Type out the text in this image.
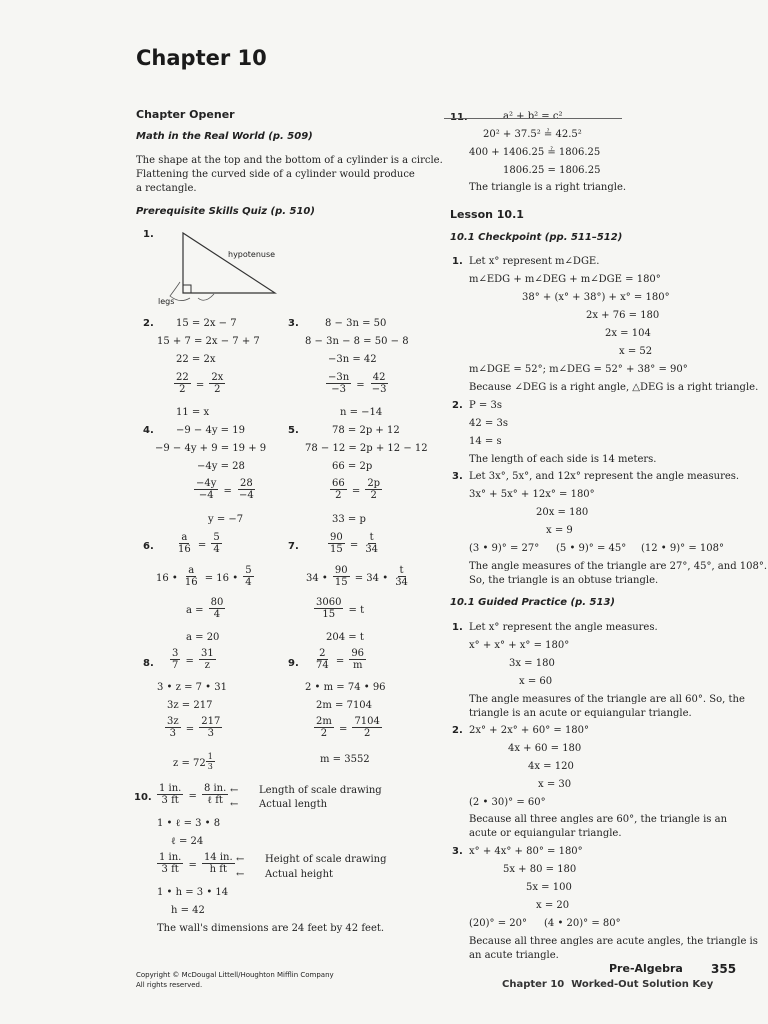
Chapter 10
Chapter Opener
Math in the Real World (p. 509)
The shape at the top and the bottom of a cylinder is a circle.
Flattening the curved side of a cylinder would produce
a rectangle.
Prerequisite Skills Quiz (p. 510)
1.
hypotenuse
legs
2. 15 = 2x − 7
15 + 7 = 2x − 7 + 7
22 = 2x
$\frac{22}{2} = \frac{2x}{2}$
11 = x
3.	8 − 3n = 50
8 − 3n − 8 = 50 − 8
−3n = 42
$\frac{-3n}{-3} = \frac{42}{-3}$
n = −14
4. −9 − 4y = 19
−9 − 4y + 9 = 19 + 9
−4y = 28
$\frac{-4y}{-4} = \frac{28}{-4}$
y = −7
5.	78 = 2p + 12
78 − 12 = 2p + 12 − 12
66 = 2p
$\frac{66}{2} = \frac{2p}{2}$
33 = p
6. $\frac{a}{16} = \frac{5}{4}$
16 • $\frac{a}{16} = 16$ • $\frac{5}{4}$
$a = \frac{80}{4}$
a = 20
7.	$\frac{90}{15} = \frac{t}{34}$
34 • $\frac{90}{15} = 34$ • $\frac{t}{34}$
$\frac{3060}{15} = t$
204 = t
8. $\frac{3}{7} = \frac{31}{z}$
3 • z = 7 • 31
3z = 217
$\frac{3z}{3} = \frac{217}{3}$
$z = 72 \frac{1}{3}$
9. $\frac{2}{74} = \frac{96}{m}$
2 • m = 74 • 96
2m = 7104
$\frac{2m}{2} = \frac{7104}{2}$
m = 3552
10. $\frac{1 in.}{3 ft} = \frac{8 in.}{\text{ℓ ft}}$ ← Length of scale drawing
← Actual length
1 • ℓ = 3 • 8
ℓ = 24
$\frac{1 in.}{3 ft} = \frac{14 in.}{\text{h ft}}$ ← Height of scale drawing
← Actual height
1 • h = 3 • 14
h = 42
The wall's dimensions are 24 feet by 42 feet.
11.	a² + b² = c²
20² + 37.5² ≟ 42.5²
400 + 1406.25 ≟ 1806.25
1806.25 = 1806.25
The triangle is a right triangle.
Lesson 10.1
10.1 Checkpoint (pp. 511–512)
1. Let x° represent m∠DGE.
m∠EDG + m∠DEG + m∠DGE = 180°
38° + (x° + 38°) + x° = 180°
2x + 76 = 180
2x = 104
x = 52
m∠DGE = 52°; m∠DEG = 52° + 38° = 90°
Because ∠DEG is a right angle, △DEG is a right triangle.
2. P = 3s
42 = 3s
14 = s
The length of each side is 14 meters.
3. Let 3x°, 5x°, and 12x° represent the angle measures.
3x° + 5x° + 12x° = 180°
20x = 180
x = 9
(3 • 9)° = 27° (5 • 9)° = 45° (12 • 9)° = 108°
The angle measures of the triangle are 27°, 45°, and 108°.
So, the triangle is an obtuse triangle.
10.1 Guided Practice (p. 513)
1. Let x° represent the angle measures.
x° + x° + x° = 180°
3x = 180
x = 60
The angle measures of the triangle are all 60°. So, the
triangle is an acute or equiangular triangle.
2. 2x° + 2x° + 60° = 180°
4x + 60 = 180
4x = 120
x = 30
(2 • 30)° = 60°
Because all three angles are 60°, the triangle is an
acute or equiangular triangle.
3. x° + 4x° + 80° = 180°
5x + 80 = 180
5x = 100
x = 20
(20)° = 20° (4 • 20)° = 80°
Because all three angles are acute angles, the triangle is
an acute triangle.
Copyright © McDougal Littell/Houghton Mifflin Company
All rights reserved.
Pre-Algebra 355
Chapter 10 Worked-Out Solution Key
